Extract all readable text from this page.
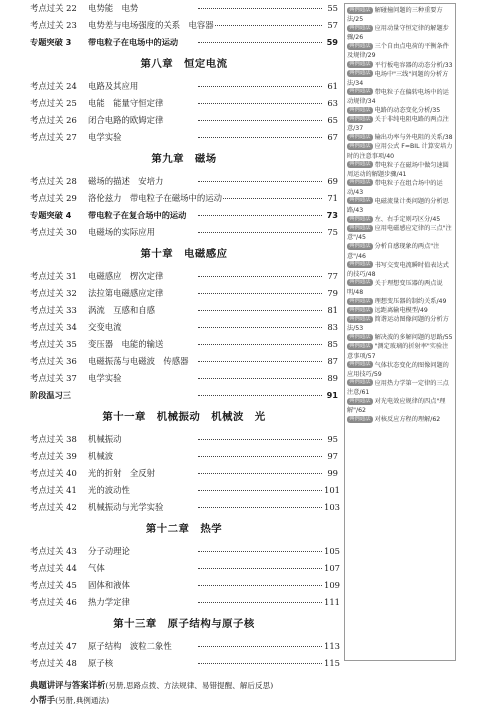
考点过关 22 电势能　电势	55
考点过关 23 电势差与电场强度的关系　电容器	57
专题突破 3 带电粒子在电场中的运动	59
第八章　恒定电流
考点过关 24 电路及其应用	61
考点过关 25 电能　能量守恒定律	63
考点过关 26 闭合电路的欧姆定律	65
考点过关 27 电学实验	67
第九章　磁场
考点过关 28 磁场的描述　安培力	69
考点过关 29 洛伦兹力　带电粒子在磁场中的运动	71
专题突破 4 带电粒子在复合场中的运动	73
考点过关 30 电磁场的实际应用	75
第十章　电磁感应
考点过关 31 电磁感应　楞次定律	77
考点过关 32 法拉第电磁感应定律	79
考点过关 33 涡流　互感和自感	81
考点过关 34 交变电流	83
考点过关 35 变压器　电能的输送	85
考点过关 36 电磁振荡与电磁波　传感器	87
考点过关 37 电学实验	89
阶段温习三	91
第十一章　机械振动　机械波　光
考点过关 38 机械振动	95
考点过关 39 机械波	97
考点过关 40 光的折射　全反射	99
考点过关 41 光的波动性	101
考点过关 42 机械振动与光学实验	103
第十二章　热学
考点过关 43 分子动理论	105
考点过关 44 气体	107
考点过关 45 固体和液体	109
考点过关 46 热力学定律	111
第十三章　原子结构与原子核
考点过关 47 原子结构　波粒二象性	113
考点过关 48 原子核	115
典题讲评与答案详析(另册,思路点拨、方法规律、易错提醒、解后反思)
小帮手(另册,典例通法)
典例通法 解碰撞问题的三种重要方法/25
典例通法 应用动量守恒定律的解题步骤/26
典例通法 三个自由点电荷的平衡条件及规律/29
典例通法 平行板电容器的动态分析/33
典例通法 电场中"三线"问题的分析方法/34
典例通法 带电粒子在偏转电场中的运动规律/34
典例通法 电路的动态变化分析/35
典例通法 关于非纯电阻电路的两点注意/37
典例通法 输出功率与外电阻的关系/38
典例通法 应用公式 F=BIL 计算安培力时的注意事项/40
典例通法 带电粒子在磁场中做匀速圆周运动的解题步骤/41
典例通法 带电粒子在组合场中的运动/43
典例通法 电磁流量计类问题的分析思路/43
典例通法 左、右手定则巧区分/45
典例通法 应用电磁感应定律的三点"注意"/45
典例通法 分析自感现象的两点"注意"/46
典例通法 书写交变电流瞬时值表达式的技巧/48
典例通法 关于理想变压器的两点说明/48
典例通法 理想变压器的制约关系/49
典例通法 远距离输电模型/49
典例通法 简谐运动图像问题的分析方法/53
典例通法 解决波的多解问题的思路/55
典例通法 "测定玻璃的折射率"实验注意事项/57
典例通法 气体状态变化的图像问题的应用技巧/59
典例通法 应用热力学第一定律的三点注意/61
典例通法 对光电效应规律的四点"理解"/62
典例通法 对核反应方程的理解/62
